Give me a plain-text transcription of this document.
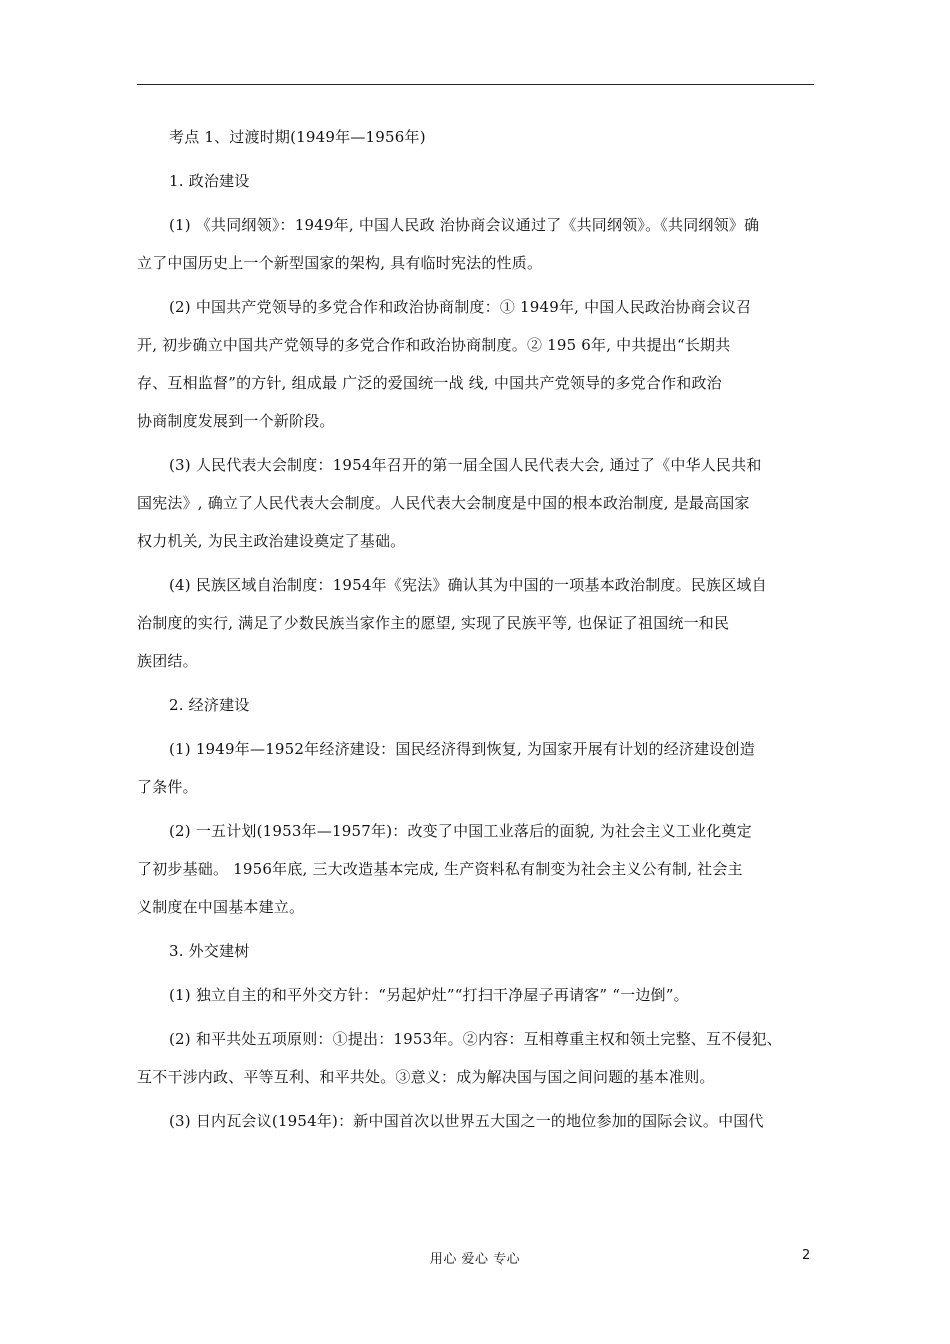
考点 1、过渡时期(1949年—1956年)
1. 政治建设
(1) 《共同纲领》：1949年, 中国人民政 治协商会议通过了《共同纲领》。《共同纲领》确
立了中国历史上一个新型国家的架构, 具有临时宪法的性质。
(2) 中国共产党领导的多党合作和政治协商制度：① 1949年, 中国人民政治协商会议召
开, 初步确立中国共产党领导的多党合作和政治协商制度。② 195 6年, 中共提出“长期共
存、互相监督”的方针, 组成最 广泛的爱国统一战 线, 中国共产党领导的多党合作和政治
协商制度发展到一个新阶段。
(3) 人民代表大会制度：1954年召开的第一届全国人民代表大会, 通过了《中华人民共和
国宪法》, 确立了人民代表大会制度。人民代表大会制度是中国的根本政治制度, 是最高国家
权力机关, 为民主政治建设奠定了基础。
(4) 民族区域自治制度：1954年《宪法》确认其为中国的一项基本政治制度。民族区域自
治制度的实行, 满足了少数民族当家作主的愿望, 实现了民族平等, 也保证了祖国统一和民
族团结。
2. 经济建设
(1) 1949年—1952年经济建设：国民经济得到恢复, 为国家开展有计划的经济建设创造
了条件。
(2) 一五计划(1953年—1957年)：改变了中国工业落后的面貌, 为社会主义工业化奠定
了初步基础。 1956年底, 三大改造基本完成, 生产资料私有制变为社会主义公有制, 社会主
义制度在中国基本建立。
3. 外交建树
(1) 独立自主的和平外交方针：“另起炉灶”“打扫干净屋子再请客” “一边倒”。
(2) 和平共处五项原则：①提出：1953年。②内容：互相尊重主权和领土完整、互不侵犯、
互不干涉内政、平等互利、和平共处。③意义：成为解决国与国之间问题的基本准则。
(3) 日内瓦会议(1954年)：新中国首次以世界五大国之一的地位参加的国际会议。中国代
用心 爱心 专心	2
